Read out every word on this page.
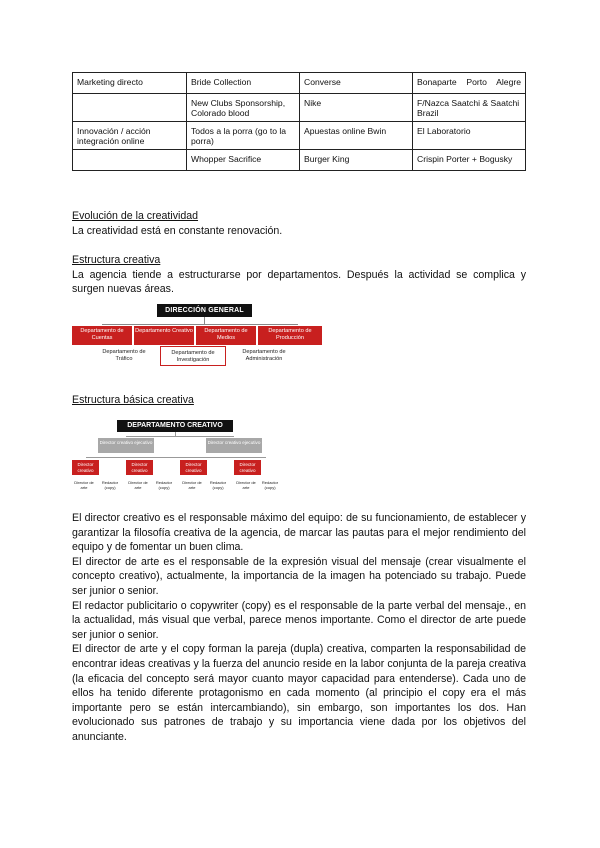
Marketing directo	Bride Collection	Converse	Bonaparte Porto Alegre
	New Clubs Sponsorship, Colorado blood	Nike	F/Nazca Saatchi & Saatchi Brazil
Innovación / acción integración online	Todos a la porra (go to la porra)	Apuestas online Bwin	El Laboratorio
	Whopper Sacrifice	Burger King	Crispin Porter + Bogusky
Evolución de la creatividad
La creatividad está en constante renovación.
Estructura creativa

La agencia tiende a estructurarse por departamentos. Después la actividad se complica y surgen nuevas áreas.

DIRECCIÓN GENERAL
Departamento de Cuentas
Departamento Creativo	Departamento de Medios
Departamento de Producción
Departamento de Tráfico
Departamento de Investigación
Departamento de Administración
Estructura básica creativa
DEPARTAMENTO CREATIVO
Director creativo ejecutivo	Director creativo ejecutivo
Director creativo
Director creativo
Director creativo
Director creativo
Director de arte
Redactor (copy)
Director de arte
Redactor (copy)
Director de arte
Redactor (copy)
Director de arte
Redactor (copy)

El director creativo es el responsable máximo del equipo: de su funcionamiento, de establecer y garantizar la filosofía creativa de la agencia, de marcar las pautas para el mejor rendimiento del equipo y de fomentar un buen clima.

El director de arte es el responsable de la expresión visual del mensaje (crear visualmente el concepto creativo), actualmente, la importancia de la imagen ha potenciado su trabajo. Puede ser junior o senior.

El redactor publicitario o copywriter (copy) es el responsable de la parte verbal del mensaje., en la actualidad, más visual que verbal, parece menos importante. Como el director de arte puede ser junior o senior.

El director de arte y el copy forman la pareja (dupla) creativa, comparten la responsabilidad de encontrar ideas creativas y la fuerza del anuncio reside en la labor conjunta de la pareja creativa (la eficacia del concepto será mayor cuanto mayor capacidad para entenderse). Cada uno de ellos ha tenido diferente protagonismo en cada momento (al principio el copy era el más importante pero se están intercambiando), sin embargo, son importantes los dos. Han evolucionado sus patrones de trabajo y su importancia viene dada por los objetivos del anunciante.
